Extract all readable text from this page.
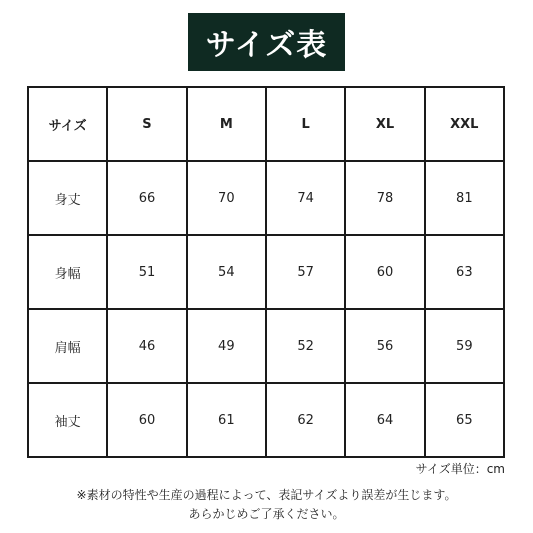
サイズ表
サイズ	S	M	L	XL	XXL
身丈	66	70	74	78	81
身幅	51	54	57	60	63
肩幅	46	49	52	56	59
袖丈	60	61	62	64	65
サイズ単位：cm
※素材の特性や生産の過程によって、表記サイズより誤差が生じます。
あらかじめご了承ください。
